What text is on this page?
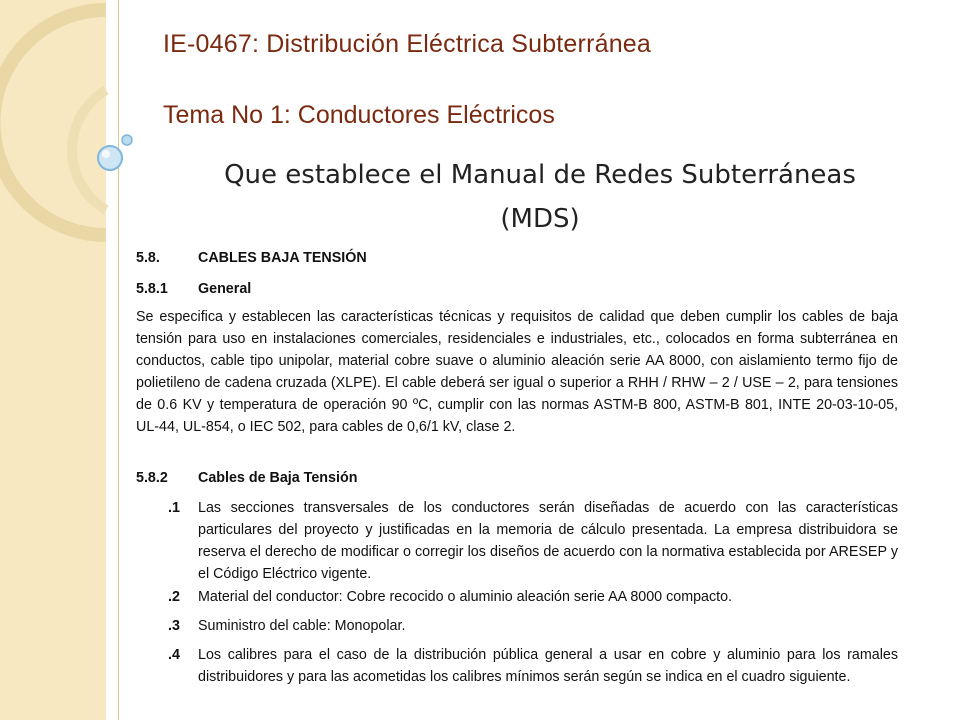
IE-0467: Distribución Eléctrica Subterránea
Tema No 1: Conductores Eléctricos
Que establece el Manual de Redes Subterráneas
(MDS)
5.8.	CABLES BAJA TENSIÓN
5.8.1 General
Se especifica y establecen las características técnicas y requisitos de calidad que deben cumplir los cables de baja tensión para uso en instalaciones comerciales, residenciales e industriales, etc., colocados en forma subterránea en conductos, cable tipo unipolar, material cobre suave o aluminio aleación serie AA 8000, con aislamiento termo fijo de polietileno de cadena cruzada (XLPE). El cable deberá ser igual o superior a RHH / RHW – 2 / USE – 2, para tensiones de 0.6 KV y temperatura de operación 90 ºC, cumplir con las normas ASTM-B 800, ASTM-B 801, INTE 20-03-10-05, UL-44, UL-854, o IEC 502, para cables de 0,6/1 kV, clase 2.
5.8.2 Cables de Baja Tensión
.1 Las secciones transversales de los conductores serán diseñadas de acuerdo con las características particulares del proyecto y justificadas en la memoria de cálculo presentada. La empresa distribuidora se reserva el derecho de modificar o corregir los diseños de acuerdo con la normativa establecida por ARESEP y el Código Eléctrico vigente.
.2 Material del conductor: Cobre recocido o aluminio aleación serie AA 8000 compacto.
.3 Suministro del cable: Monopolar.
.4 Los calibres para el caso de la distribución pública general a usar en cobre y aluminio para los ramales distribuidores y para las acometidas los calibres mínimos serán según se indica en el cuadro siguiente.
